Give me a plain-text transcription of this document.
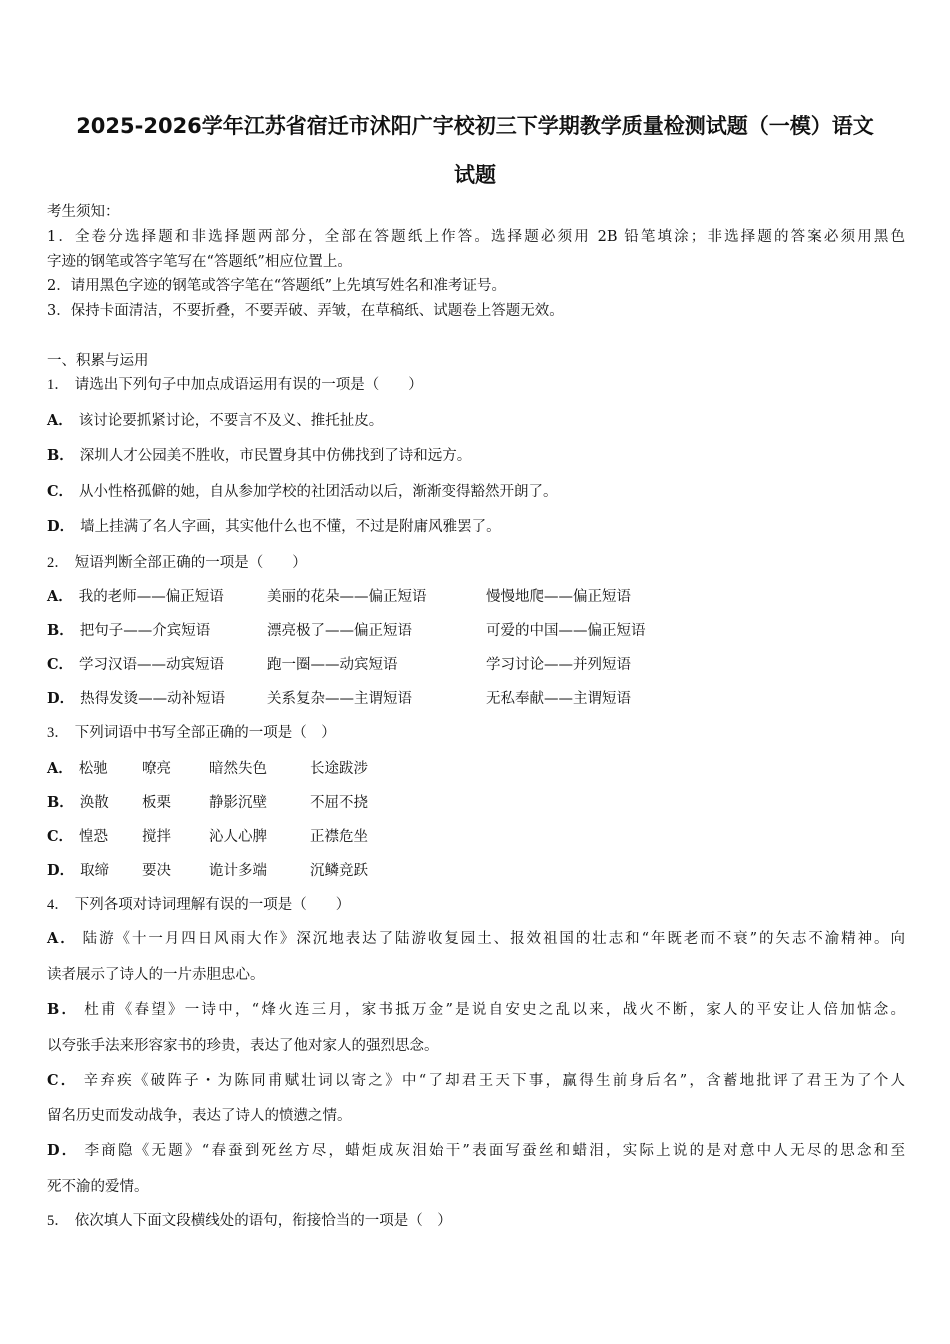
2025-2026学年江苏省宿迁市沭阳广宇校初三下学期教学质量检测试题（一模）语文
试题
考生须知：
1．全卷分选择题和非选择题两部分，全部在答题纸上作答。选择题必须用 2B 铅笔填涂；非选择题的答案必须用黑色
字迹的钢笔或答字笔写在“答题纸”相应位置上。
2．请用黑色字迹的钢笔或答字笔在“答题纸”上先填写姓名和准考证号。
3．保持卡面清洁，不要折叠，不要弄破、弄皱，在草稿纸、试题卷上答题无效。
一、积累与运用
1． 请选出下列句子中加点成语运用有误的一项是（　　）
A． 该讨论要抓紧讨论，不要言不及义、推托扯皮。
B． 深圳人才公园美不胜收，市民置身其中仿佛找到了诗和远方。
C． 从小性格孤僻的她，自从参加学校的社团活动以后，渐渐变得豁然开朗了。
D． 墙上挂满了名人字画，其实他什么也不懂，不过是附庸风雅罢了。
2． 短语判断全部正确的一项是（　　）
A． 我的老师——偏正短语	美丽的花朵——偏正短语	慢慢地爬——偏正短语
B． 把句子——介宾短语	漂亮极了——偏正短语	可爱的中国——偏正短语
C． 学习汉语——动宾短语	跑一圈——动宾短语	学习讨论——并列短语
D． 热得发烫——动补短语	关系复杂——主谓短语	无私奉献——主谓短语
3． 下列词语中书写全部正确的一项是（　）
A． 松驰 嘹亮	暗然失色	长途跋涉
B． 涣散 板栗	静影沉壁	不屈不挠
C． 惶恐 搅拌	沁人心脾	正襟危坐
D． 取缔 要决	诡计多端	沉鳞竞跃
4． 下列各项对诗词理解有误的一项是（　　）
A． 陆游《十一月四日风雨大作》深沉地表达了陆游收复园土、报效祖国的壮志和“年既老而不衰”的矢志不渝精神。向
读者展示了诗人的一片赤胆忠心。
B． 杜甫《春望》一诗中，“烽火连三月，家书抵万金”是说自安史之乱以来，战火不断，家人的平安让人倍加惦念。
以夸张手法来形容家书的珍贵，表达了他对家人的强烈思念。
C． 辛弃疾《破阵子・为陈同甫赋壮词以寄之》中“了却君王天下事，赢得生前身后名”，含蓄地批评了君王为了个人
留名历史而发动战争，表达了诗人的愤懑之情。
D． 李商隐《无题》“春蚕到死丝方尽，蜡炬成灰泪始干”表面写蚕丝和蜡泪，实际上说的是对意中人无尽的思念和至
死不渝的爱情。
5． 依次填人下面文段横线处的语句，衔接恰当的一项是（　）
